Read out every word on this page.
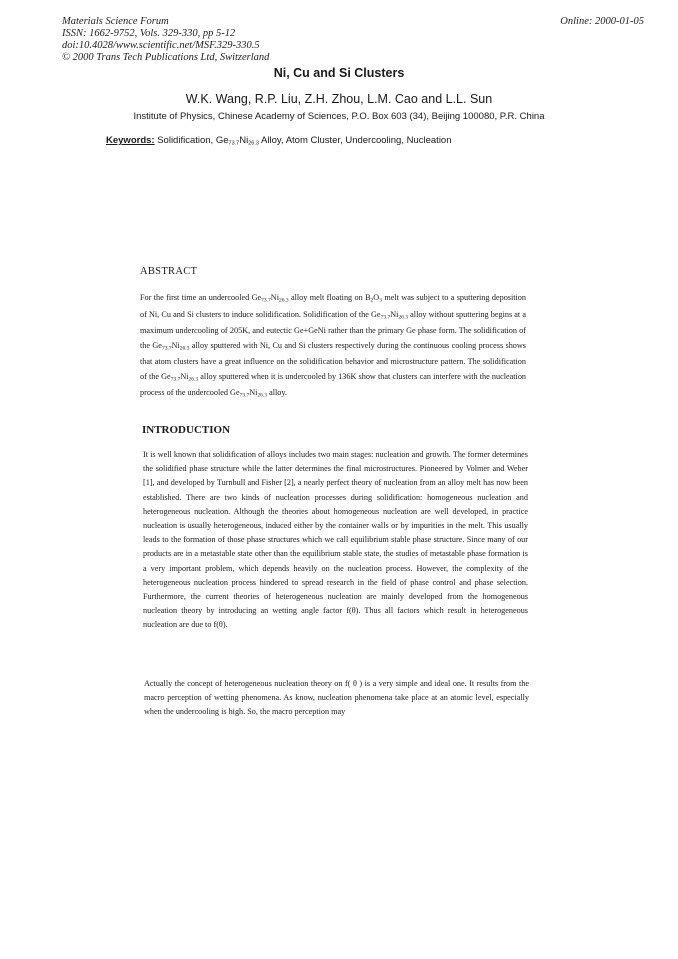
Materials Science Forum	Online: 2000-01-05
ISSN: 1662-9752, Vols. 329-330, pp 5-12
doi:10.4028/www.scientific.net/MSF.329-330.5
© 2000 Trans Tech Publications Ltd, Switzerland
Ni, Cu and Si Clusters
W.K. Wang, R.P. Liu, Z.H. Zhou, L.M. Cao and L.L. Sun
Institute of Physics, Chinese Academy of Sciences, P.O. Box 603 (34), Beijing 100080, P.R. China
Keywords: Solidification, $Ge_{73.7}Ni_{26.3}$ Alloy, Atom Cluster, Undercooling, Nucleation
ABSTRACT
For the first time an undercooled $Ge_{73.7}Ni_{26.3}$ alloy melt floating on $B_2O_3$ melt was subject to a sputtering deposition of Ni, Cu and Si clusters to induce solidification. Solidification of the $Ge_{73.7}Ni_{26.3}$ alloy without sputtering begins at a maximum undercooling of 205K, and eutectic Ge+GeNi rather than the primary Ge phase form. The solidification of the $Ge_{73.7}Ni_{26.3}$ alloy sputtered with Ni, Cu and Si clusters respectively during the continuous cooling process shows that atom clusters have a great influence on the solidification behavior and microstructure pattern. The solidification of the $Ge_{73.7}Ni_{26.3}$ alloy sputtered when it is undercooled by 136K show that clusters can interfere with the nucleation process of the undercooled $Ge_{73.7}Ni_{26.3}$ alloy.
INTRODUCTION
It is well known that solidification of alloys includes two main stages: nucleation and growth. The former determines the solidified phase structure while the latter determines the final microstructures. Pioneered by Volmer and Weber [1], and developed by Turnbull and Fisher [2], a nearly perfect theory of nucleation from an alloy melt has now been established. There are two kinds of nucleation processes during solidification: homogeneous nucleation and heterogeneous nucleation. Although the theories about homogeneous nucleation are well developed, in practice nucleation is usually heterogeneous, induced either by the container walls or by impurities in the melt. This usually leads to the formation of those phase structures which we call equilibrium stable phase structure. Since many of our products are in a metastable state other than the equilibrium stable state, the studies of metastable phase formation is a very important problem, which depends heavily on the nucleation process. However, the complexity of the heterogeneous nucleation process hindered to spread research in the field of phase control and phase selection. Furthermore, the current theories of heterogeneous nucleation are mainly developed from the homogeneous nucleation theory by introducing an wetting angle factor f(θ). Thus all factors which result in heterogeneous nucleation are due to f(θ).
Actually the concept of heterogeneous nucleation theory on f( θ ) is a very simple and ideal one. It results from the macro perception of wetting phenomena. As know, nucleation phenomena take place at an atomic level, especially when the undercooling is high. So, the macro perception may
